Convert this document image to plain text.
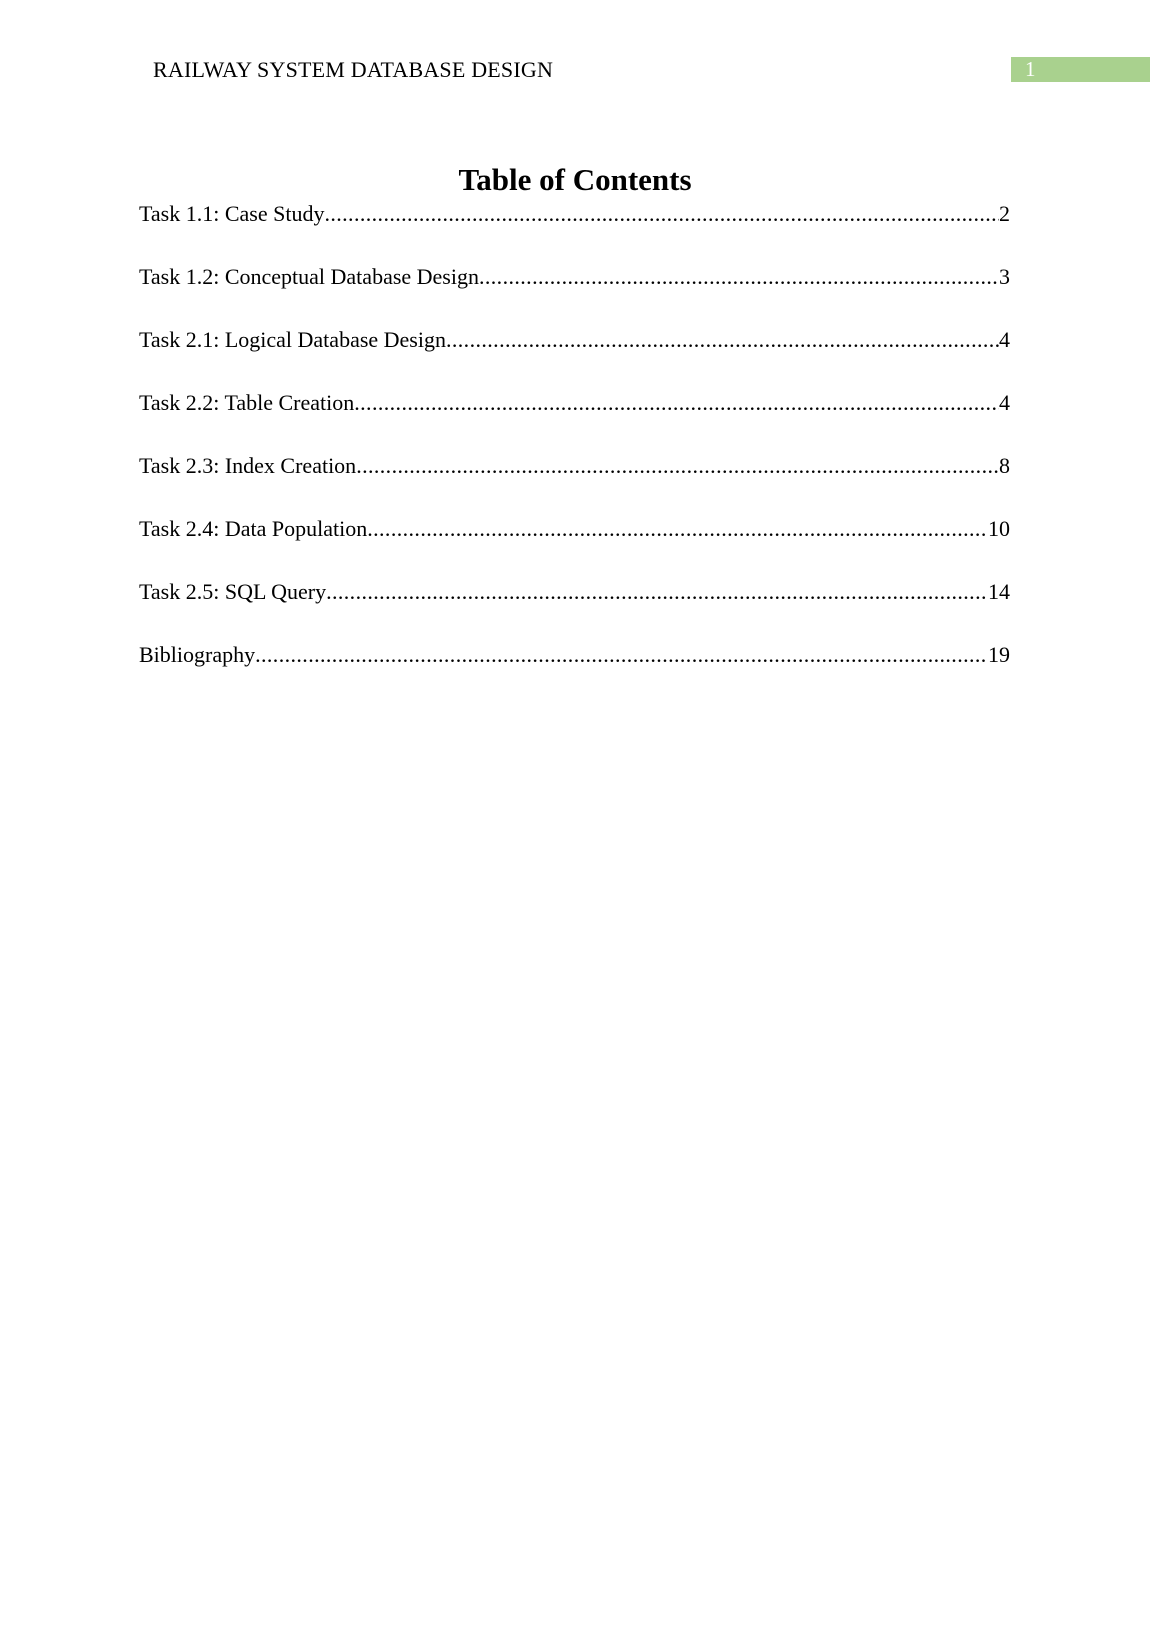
RAILWAY SYSTEM DATABASE DESIGN	1
Table of Contents
Task 1.1: Case Study .....	2
Task 1.2: Conceptual Database Design .....	3
Task 2.1: Logical Database Design .....	4
Task 2.2: Table Creation .....	4
Task 2.3: Index Creation .....	8
Task 2.4: Data Population .....	10
Task 2.5: SQL Query .....	14
Bibliography .....	19
